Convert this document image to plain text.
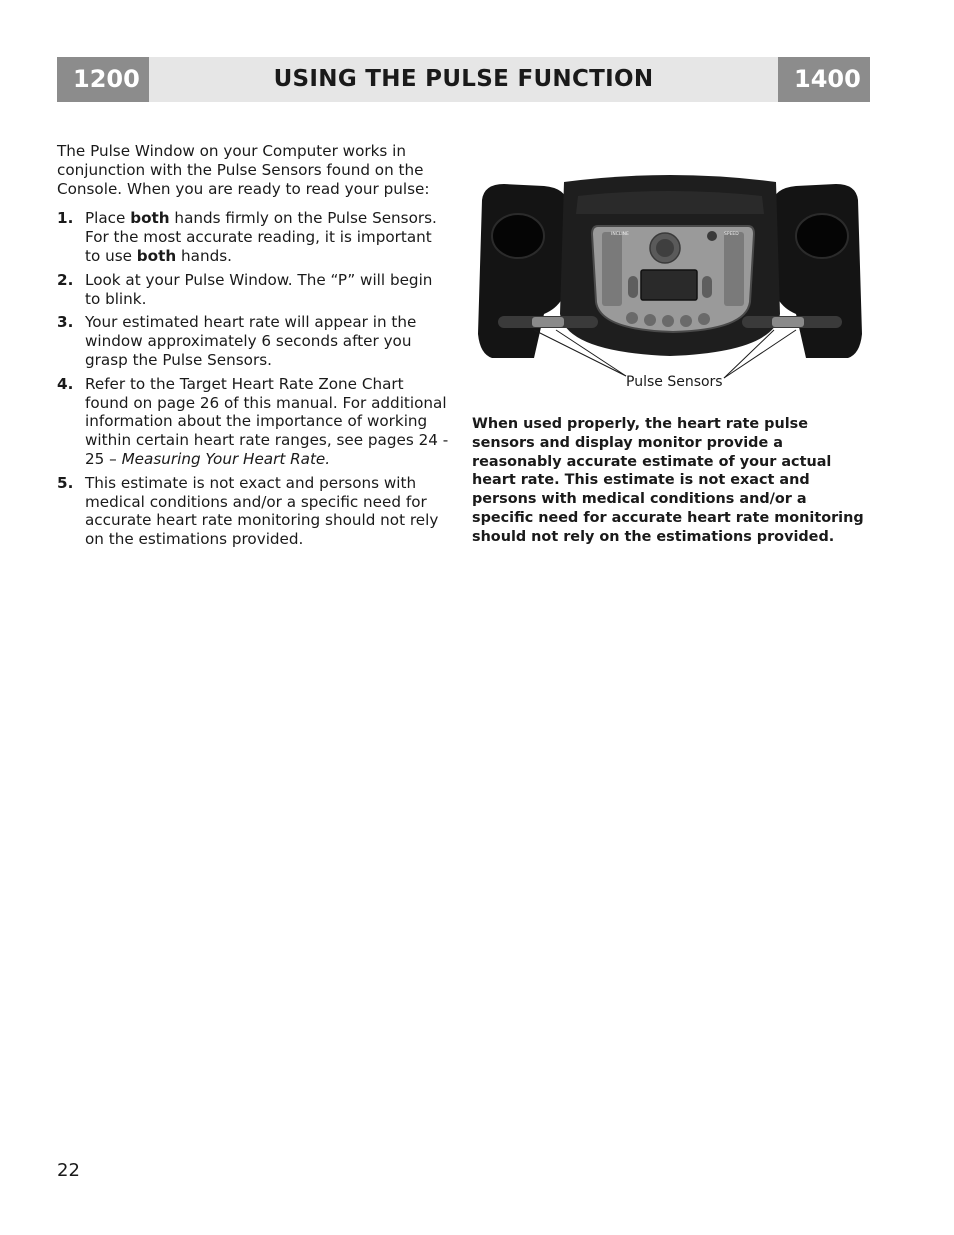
1200	USING THE PULSE FUNCTION	1400

The Pulse Window on your Computer works in conjunction with the Pulse Sensors found on the Console. When you are ready to read your pulse:

1. Place both hands firmly on the Pulse Sensors. For the most accurate reading, it is important to use both hands.
2. Look at your Pulse Window. The “P” will begin to blink.
3. Your estimated heart rate will appear in the window approximately 6 seconds after you grasp the Pulse Sensors.
4. Refer to the Target Heart Rate Zone Chart found on page 26 of this manual. For additional information about the importance of working within certain heart rate ranges, see pages 24 - 25 – Measuring Your Heart Rate.
5. This estimate is not exact and persons with medical conditions and/or a specific need for accurate heart rate monitoring should not rely on the estimations provided.
INCLINE	SPEED
Pulse Sensors
When used properly, the heart rate pulse sensors and display monitor provide a reasonably accurate estimate of your actual heart rate. This estimate is not exact and persons with medical conditions and/or a specific need for accurate heart rate monitoring should not rely on the estimations provided.
22
